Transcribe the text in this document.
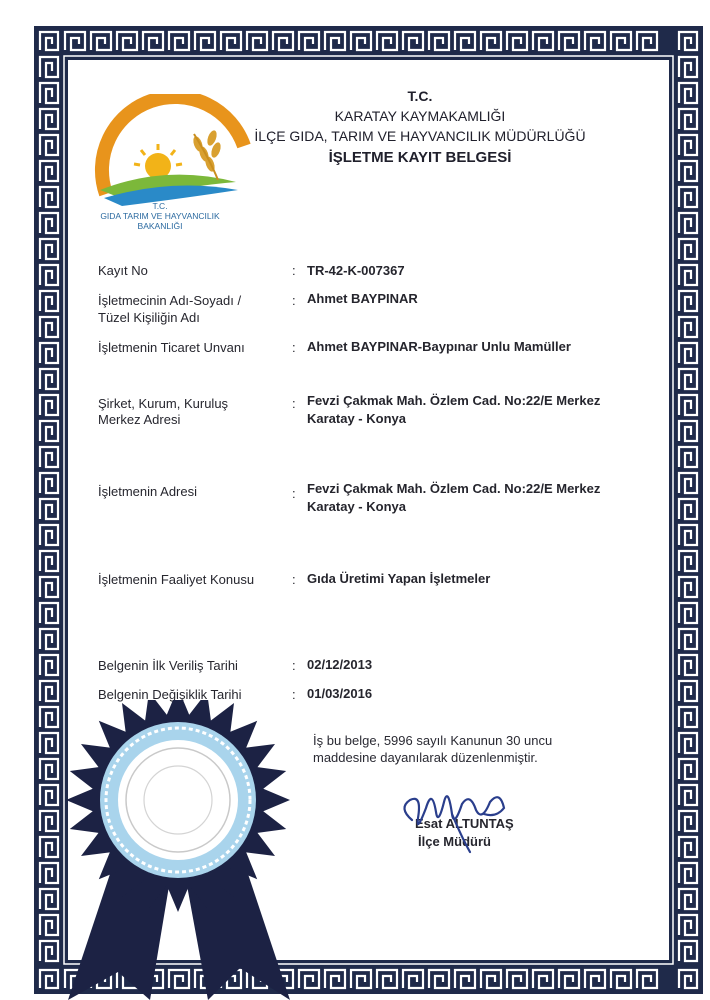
T.C.
GIDA TARIM VE HAYVANCILIK
BAKANLIĞI
T.C.
KARATAY KAYMAKAMLIĞI
İLÇE GIDA, TARIM VE HAYVANCILIK MÜDÜRLÜĞÜ
İŞLETME KAYIT BELGESİ
Kayıt No	: TR-42-K-007367
İşletmecinin Adı-Soyadı /
Tüzel Kişiliğin Adı
: Ahmet BAYPINAR
İşletmenin Ticaret Unvanı	: Ahmet BAYPINAR-Baypınar Unlu Mamüller
Şirket, Kurum, Kuruluş
Merkez Adresi
: Fevzi Çakmak Mah. Özlem Cad. No:22/E Merkez
Karatay - Konya
İşletmenin Adresi	: Fevzi Çakmak Mah. Özlem Cad. No:22/E Merkez
Karatay - Konya
İşletmenin Faaliyet Konusu	: Gıda Üretimi Yapan İşletmeler
Belgenin İlk Veriliş Tarihi	: 02/12/2013
Belgenin Değişiklik Tarihi	: 01/03/2016
İş bu belge, 5996 sayılı Kanunun 30 uncu
maddesine dayanılarak düzenlenmiştir.
Esat ALTUNTAŞ
İlçe Müdürü
